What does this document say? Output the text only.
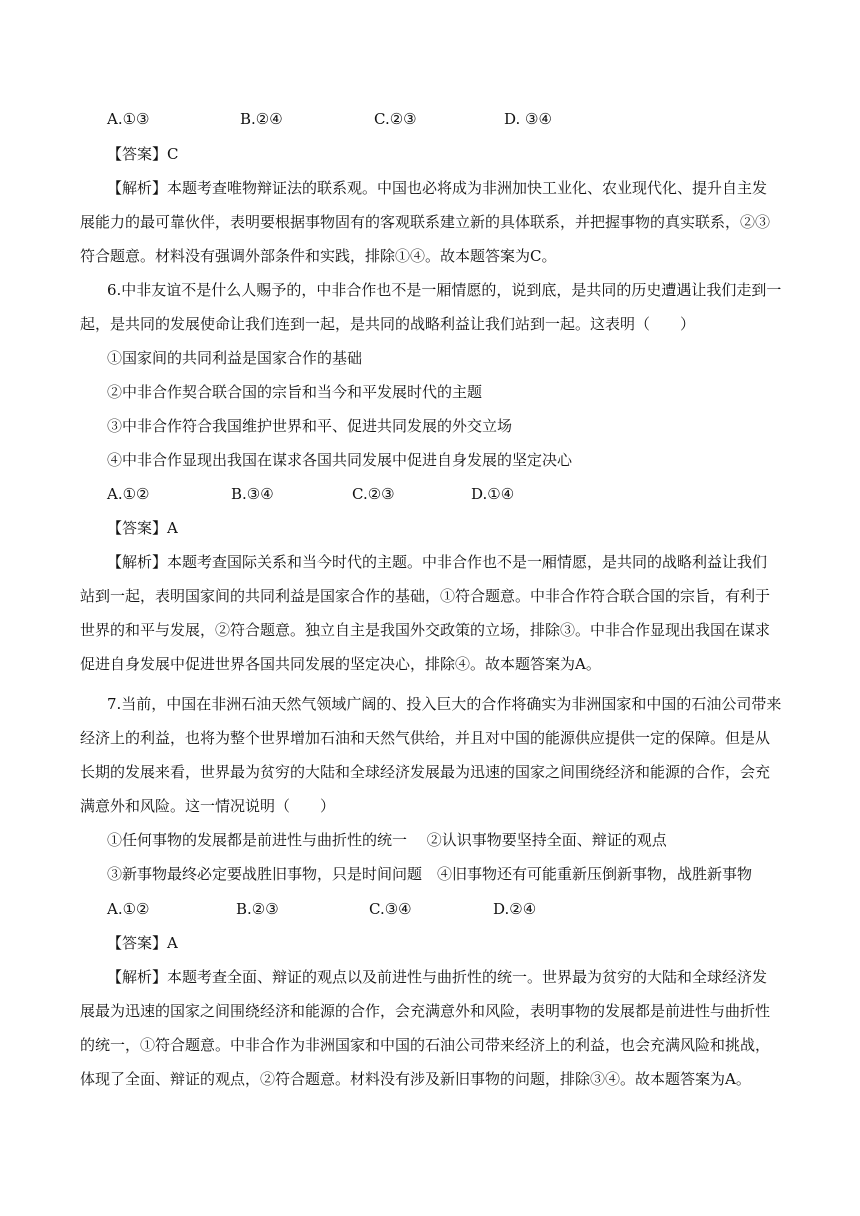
A.①③	B.②④	C.②③	D. ③④
【答案】C
【解析】本题考查唯物辩证法的联系观。中国也必将成为非洲加快工业化、农业现代化、提升自主发
展能力的最可靠伙伴，表明要根据事物固有的客观联系建立新的具体联系，并把握事物的真实联系，②③
符合题意。材料没有强调外部条件和实践，排除①④。故本题答案为C。
6.中非友谊不是什么人赐予的，中非合作也不是一厢情愿的，说到底，是共同的历史遭遇让我们走到一
起，是共同的发展使命让我们连到一起，是共同的战略利益让我们站到一起。这表明（　　）
①国家间的共同利益是国家合作的基础
②中非合作契合联合国的宗旨和当今和平发展时代的主题
③中非合作符合我国维护世界和平、促进共同发展的外交立场
④中非合作显现出我国在谋求各国共同发展中促进自身发展的坚定决心
A.①②	B.③④	C.②③	D.①④
【答案】A
【解析】本题考查国际关系和当今时代的主题。中非合作也不是一厢情愿，是共同的战略利益让我们
站到一起，表明国家间的共同利益是国家合作的基础，①符合题意。中非合作符合联合国的宗旨，有利于
世界的和平与发展，②符合题意。独立自主是我国外交政策的立场，排除③。中非合作显现出我国在谋求
促进自身发展中促进世界各国共同发展的坚定决心，排除④。故本题答案为A。
7.当前，中国在非洲石油天然气领域广阔的、投入巨大的合作将确实为非洲国家和中国的石油公司带来
经济上的利益，也将为整个世界增加石油和天然气供给，并且对中国的能源供应提供一定的保障。但是从
长期的发展来看，世界最为贫穷的大陆和全球经济发展最为迅速的国家之间围绕经济和能源的合作，会充
满意外和风险。这一情况说明（　　）
①任何事物的发展都是前进性与曲折性的统一　 ②认识事物要坚持全面、辩证的观点
③新事物最终必定要战胜旧事物，只是时间问题　④旧事物还有可能重新压倒新事物，战胜新事物
A.①②	B.②③	C.③④	D.②④
【答案】A
【解析】本题考查全面、辩证的观点以及前进性与曲折性的统一。世界最为贫穷的大陆和全球经济发
展最为迅速的国家之间围绕经济和能源的合作，会充满意外和风险，表明事物的发展都是前进性与曲折性
的统一，①符合题意。中非合作为非洲国家和中国的石油公司带来经济上的利益，也会充满风险和挑战，
体现了全面、辩证的观点，②符合题意。材料没有涉及新旧事物的问题，排除③④。故本题答案为A。
